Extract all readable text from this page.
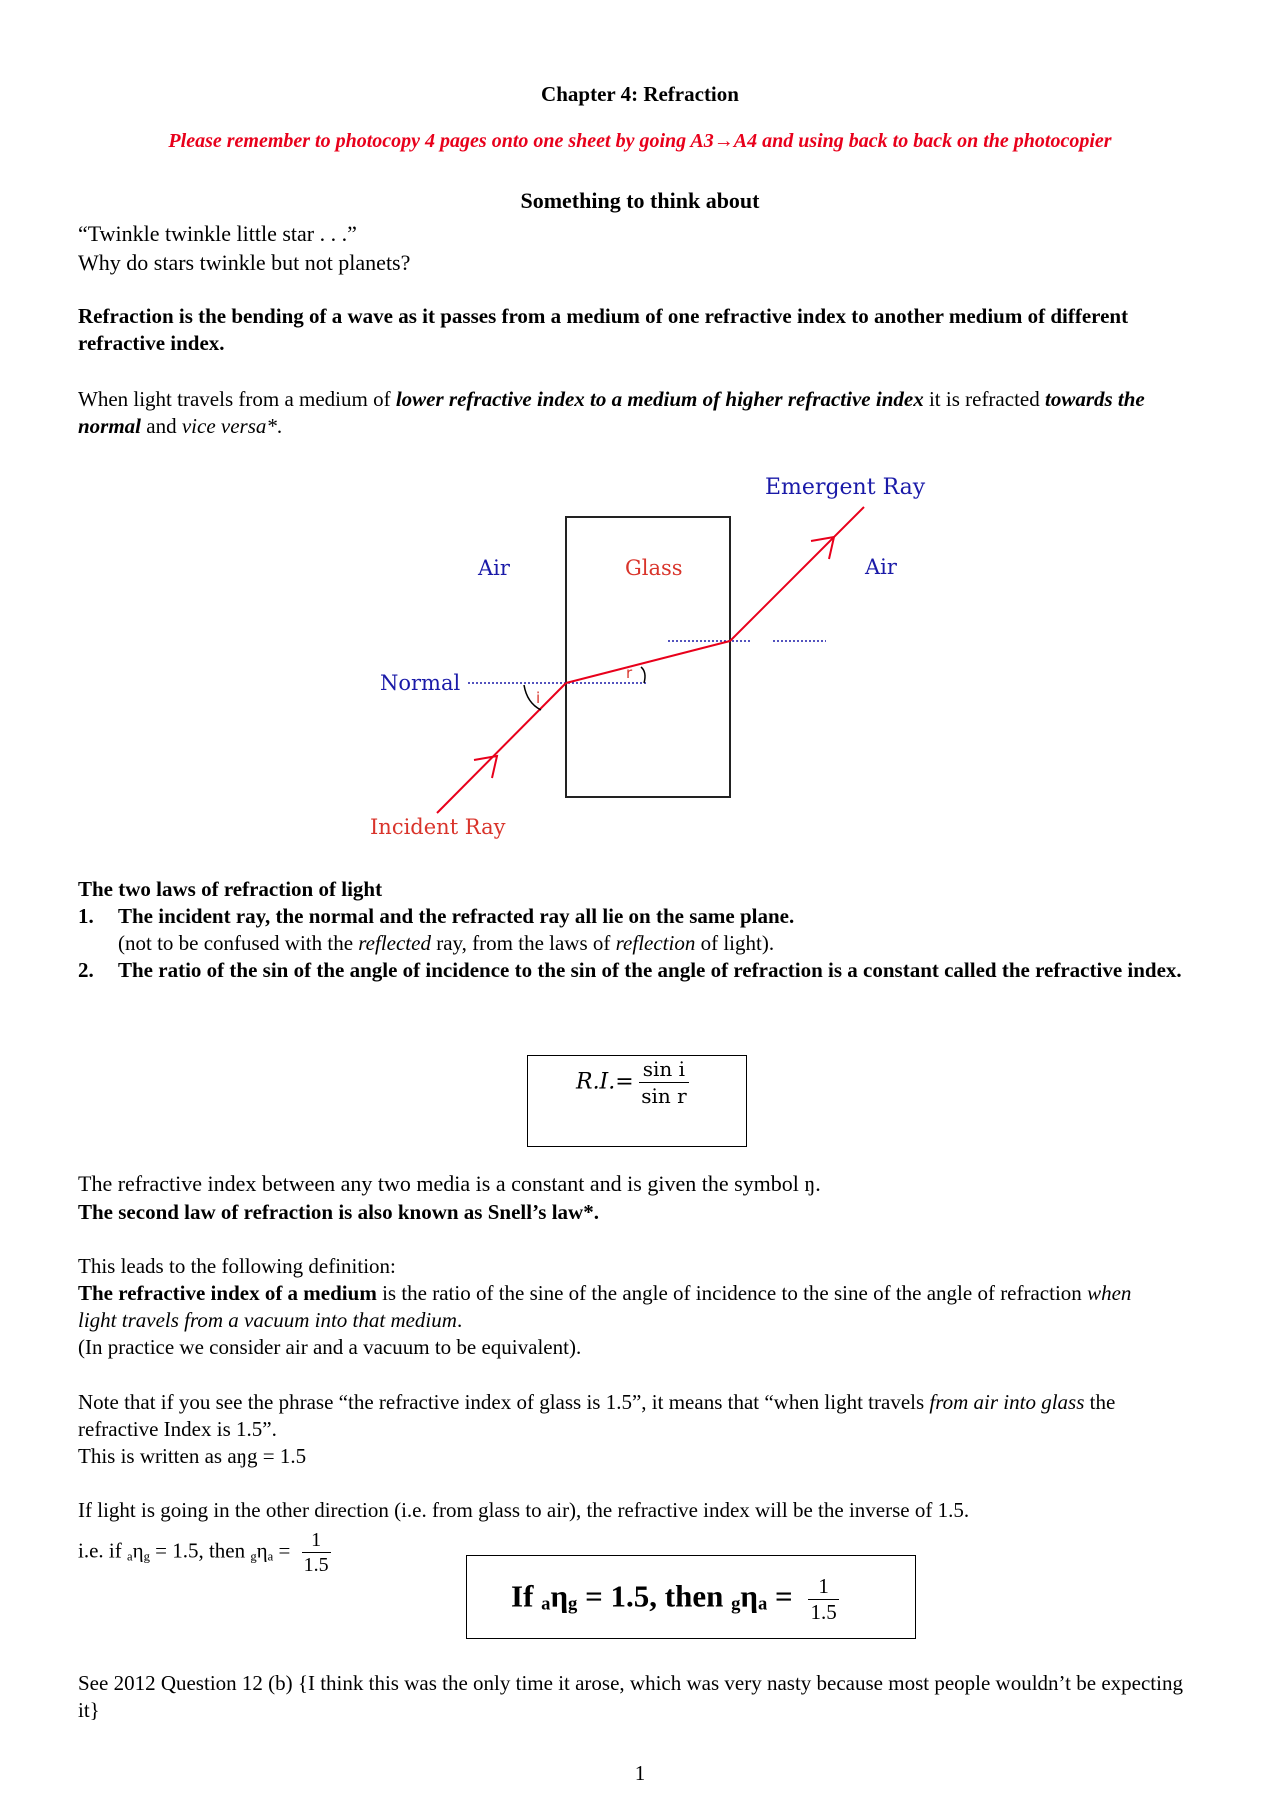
Chapter 4: Refraction
Please remember to photocopy 4 pages onto one sheet by going A3→A4 and using back to back on the photocopier
Something to think about
“Twinkle twinkle little star . . .”
Why do stars twinkle but not planets?
Refraction is the bending of a wave as it passes from a medium of one refractive index to another medium of different refractive index.
When light travels from a medium of lower refractive index to a medium of higher refractive index it is refracted towards the normal and vice versa*.
i
r
Emergent Ray
Air	Glass	Air
Normal
Incident Ray
The two laws of refraction of light
1. The incident ray, the normal and the refracted ray all lie on the same plane.
(not to be confused with the reflected ray, from the laws of reflection of light).
2. The ratio of the sin of the angle of incidence to the sin of the angle of refraction is a constant called the refractive index.
$R.I.= \frac{\text{sin i}}{\text{sin r}}$
The refractive index between any two media is a constant and is given the symbol ŋ.
The second law of refraction is also known as Snell’s law*.
This leads to the following definition:
The refractive index of a medium is the ratio of the sine of the angle of incidence to the sine of the angle of refraction when light travels from a vacuum into that medium.
(In practice we consider air and a vacuum to be equivalent).
Note that if you see the phrase “the refractive index of glass is 1.5”, it means that “when light travels from air into glass the refractive Index is 1.5”.
This is written as aŋg = 1.5
If light is going in the other direction (i.e. from glass to air), the refractive index will be the inverse of 1.5.
i.e. if $_a\eta_g = 1.5$, then $_g\eta_a = \frac{1}{1.5}$
If $_a\eta_g = 1.5$, then $_g\eta_a = \frac{1}{1.5}$
See 2012 Question 12 (b) {I think this was the only time it arose, which was very nasty because most people wouldn’t be expecting it}
1
